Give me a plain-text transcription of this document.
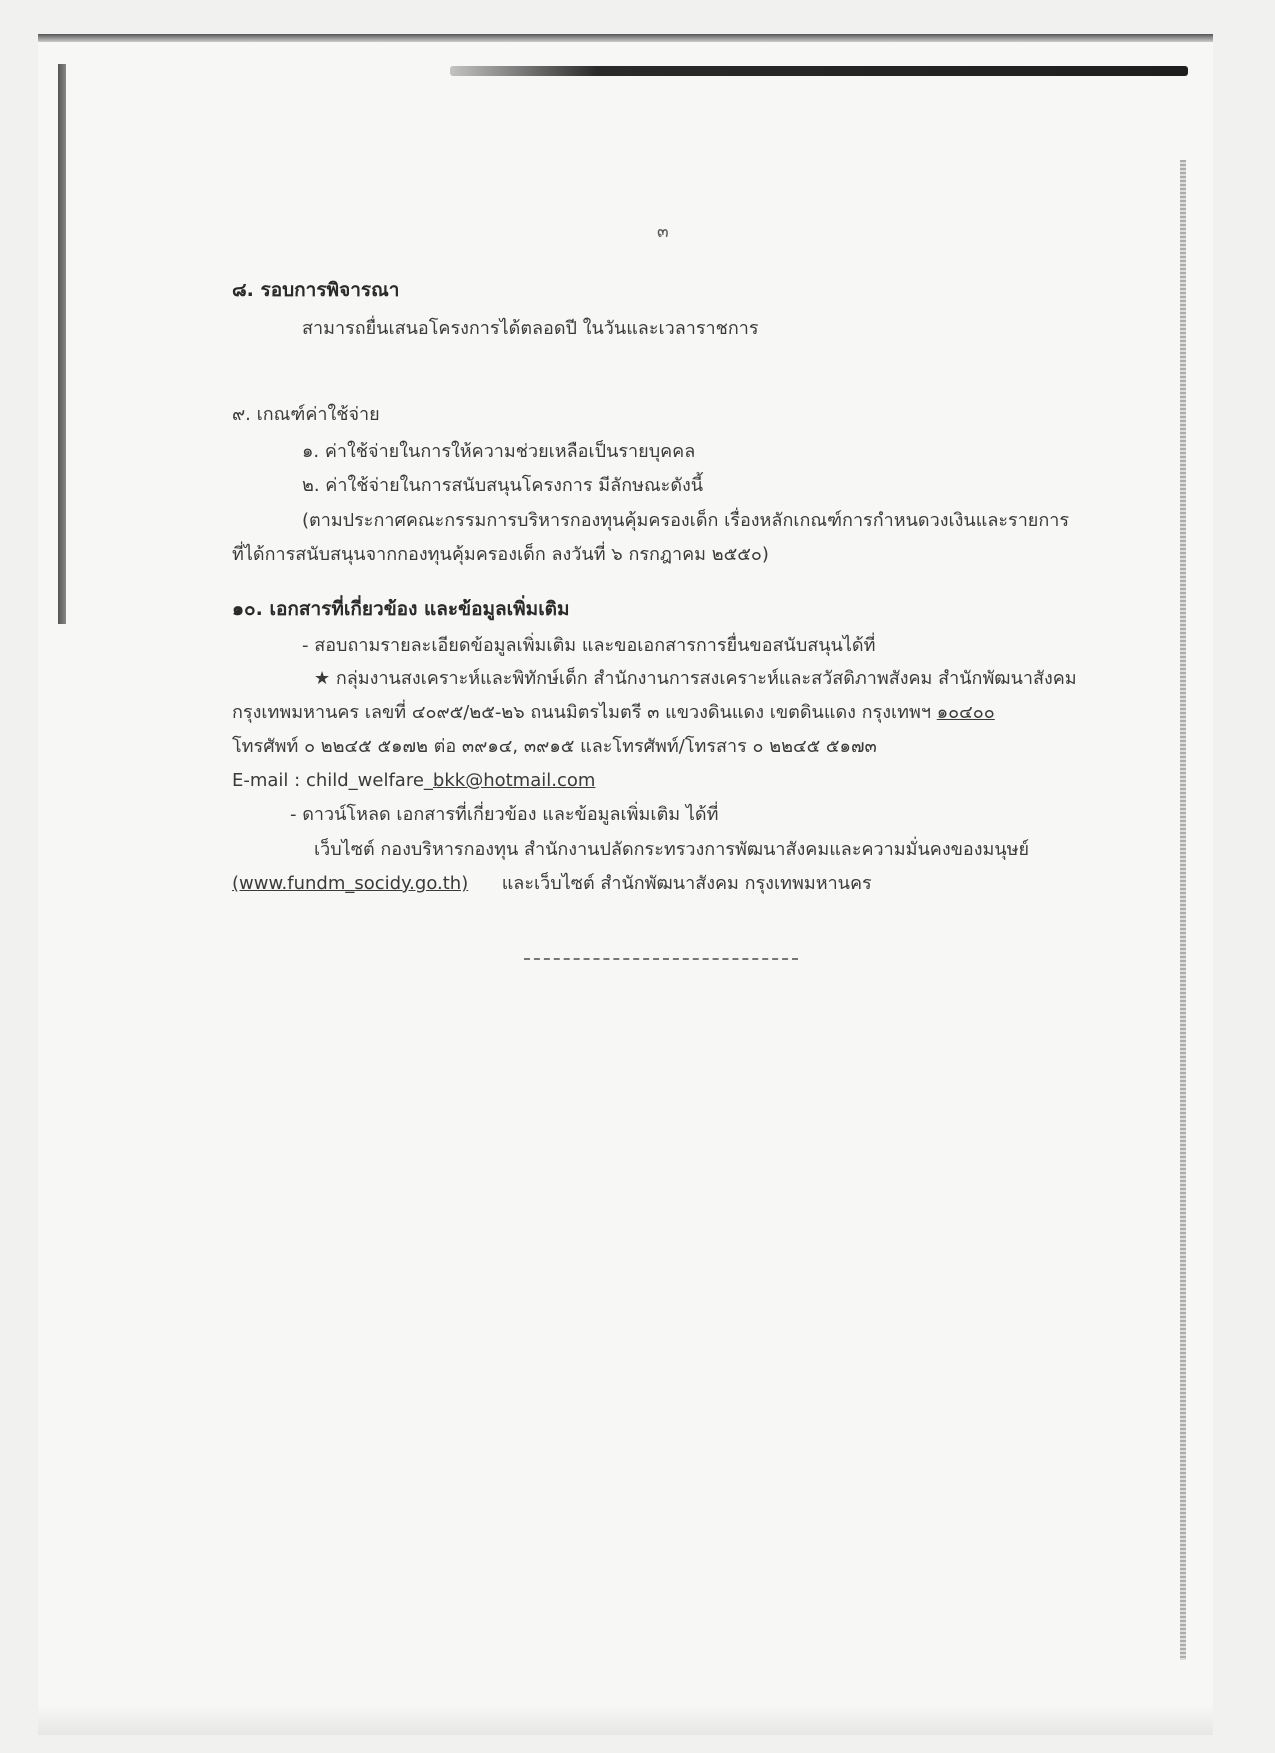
๓
๘. รอบการพิจารณา
สามารถยื่นเสนอโครงการได้ตลอดปี ในวันและเวลาราชการ
๙. เกณฑ์ค่าใช้จ่าย
๑. ค่าใช้จ่ายในการให้ความช่วยเหลือเป็นรายบุคคล
๒. ค่าใช้จ่ายในการสนับสนุนโครงการ มีลักษณะดังนี้
(ตามประกาศคณะกรรมการบริหารกองทุนคุ้มครองเด็ก เรื่องหลักเกณฑ์การกำหนดวงเงินและรายการ
ที่ได้การสนับสนุนจากกองทุนคุ้มครองเด็ก ลงวันที่ ๖ กรกฎาคม ๒๕๕๐)
๑๐. เอกสารที่เกี่ยวข้อง และข้อมูลเพิ่มเติม
- สอบถามรายละเอียดข้อมูลเพิ่มเติม และขอเอกสารการยื่นขอสนับสนุนได้ที่
★ กลุ่มงานสงเคราะห์และพิทักษ์เด็ก สำนักงานการสงเคราะห์และสวัสดิภาพสังคม สำนักพัฒนาสังคม
กรุงเทพมหานคร เลขที่ ๔๐๙๕/๒๕-๒๖ ถนนมิตรไมตรี ๓ แขวงดินแดง เขตดินแดง กรุงเทพฯ ๑๐๔๐๐
โทรศัพท์ ๐ ๒๒๔๕ ๕๑๗๒ ต่อ ๓๙๑๔, ๓๙๑๕ และโทรศัพท์/โทรสาร ๐ ๒๒๔๕ ๕๑๗๓
E-mail : child_welfare_bkk@hotmail.com
- ดาวน์โหลด เอกสารที่เกี่ยวข้อง และข้อมูลเพิ่มเติม ได้ที่
เว็บไซต์ กองบริหารกองทุน สำนักงานปลัดกระทรวงการพัฒนาสังคมและความมั่นคงของมนุษย์
(www.fundm_socidy.go.th) และเว็บไซต์ สำนักพัฒนาสังคม กรุงเทพมหานคร
